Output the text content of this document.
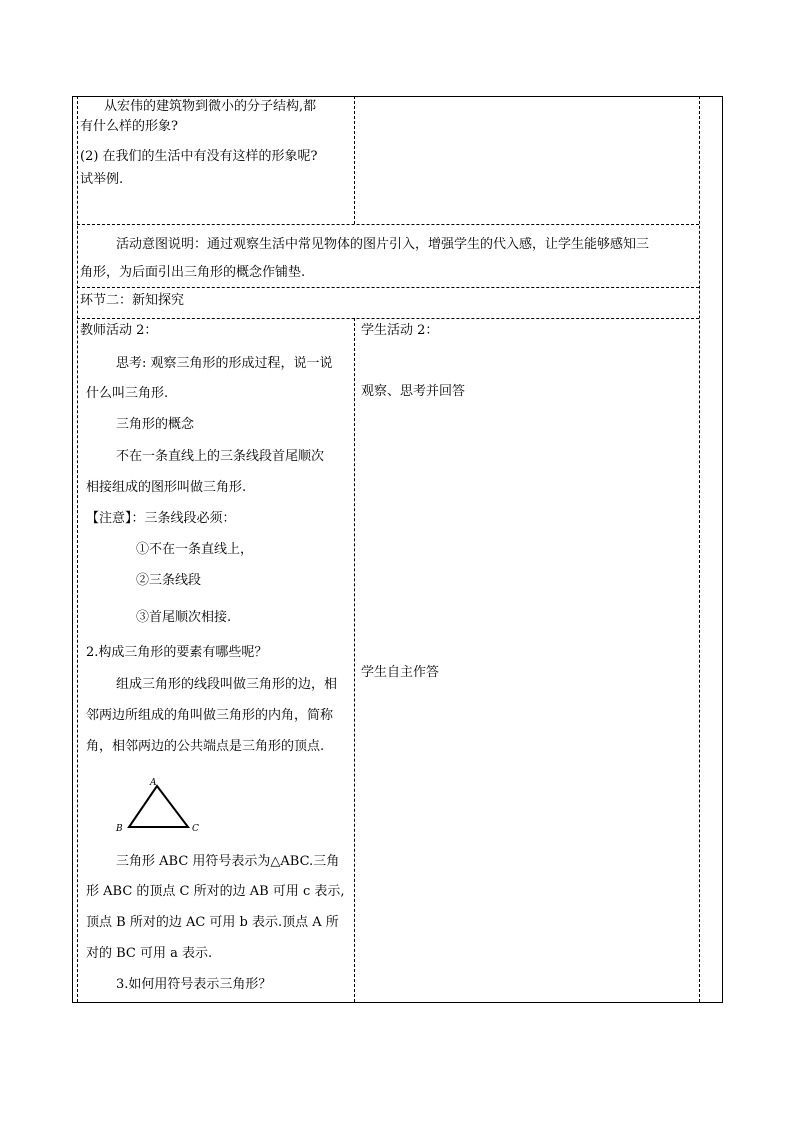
从宏伟的建筑物到微小的分子结构,都
有什么样的形象?
(2) 在我们的生活中有没有这样的形象呢?
试举例.
活动意图说明：通过观察生活中常见物体的图片引入，增强学生的代入感，让学生能够感知三
角形，为后面引出三角形的概念作铺垫.
环节二：新知探究
教师活动 2：
思考: 观察三角形的形成过程，说一说
什么叫三角形.
三角形的概念
不在一条直线上的三条线段首尾顺次
相接组成的图形叫做三角形.
【注意】：三条线段必须：
①不在一条直线上，
②三条线段
③首尾顺次相接.
2.构成三角形的要素有哪些呢？
组成三角形的线段叫做三角形的边，相
邻两边所组成的角叫做三角形的内角，简称
角，相邻两边的公共端点是三角形的顶点.
A
B	C
三角形 ABC 用符号表示为△ABC.三角
形 ABC 的顶点 C 所对的边 AB 可用 c 表示,
顶点 B 所对的边 AC 可用 b 表示.顶点 A 所
对的 BC 可用 a 表示.
3.如何用符号表示三角形？
学生活动 2：
观察、思考并回答
学生自主作答
